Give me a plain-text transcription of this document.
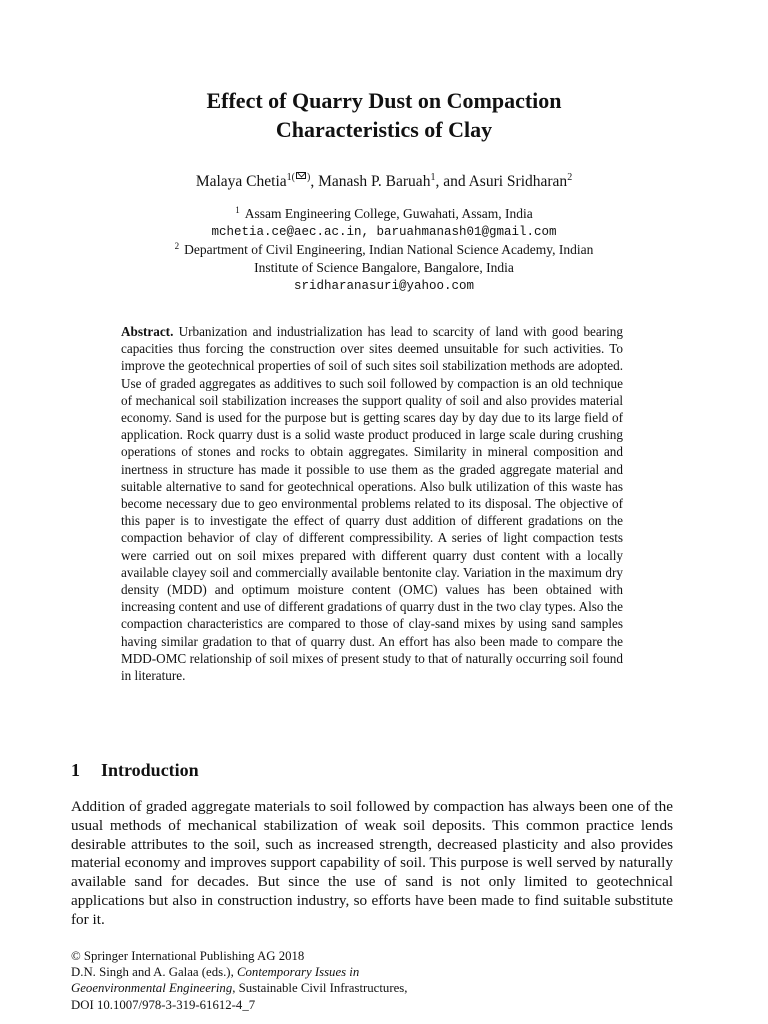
Effect of Quarry Dust on Compaction
Characteristics of Clay
Malaya Chetia$^{1( )}$, Manash P. Baruah$^1$, and Asuri Sridharan$^2$
$^1$ Assam Engineering College, Guwahati, Assam, India
mchetia.ce@aec.ac.in, baruahmanash01@gmail.com
$^2$ Department of Civil Engineering, Indian National Science Academy, Indian
Institute of Science Bangalore, Bangalore, India
sridharanasuri@yahoo.com
Abstract. Urbanization and industrialization has lead to scarcity of land with good bearing capacities thus forcing the construction over sites deemed unsuitable for such activities. To improve the geotechnical properties of soil of such sites soil stabilization methods are adopted. Use of graded aggregates as additives to such soil followed by compaction is an old technique of mechanical soil stabilization increases the support quality of soil and also provides material economy. Sand is used for the purpose but is getting scares day by day due to its large field of application. Rock quarry dust is a solid waste product produced in large scale during crushing operations of stones and rocks to obtain aggregates. Similarity in mineral composition and inertness in structure has made it possible to use them as the graded aggregate material and suitable alternative to sand for geotechnical operations. Also bulk utilization of this waste has become necessary due to geo environmental problems related to its disposal. The objective of this paper is to investigate the effect of quarry dust addition of different gradations on the compaction behavior of clay of different compressibility. A series of light compaction tests were carried out on soil mixes prepared with different quarry dust content with a locally available clayey soil and commercially available bentonite clay. Variation in the maximum dry density (MDD) and optimum moisture content (OMC) values has been obtained with increasing content and use of different gradations of quarry dust in the two clay types. Also the compaction characteristics are compared to those of clay-sand mixes by using sand samples having similar gradation to that of quarry dust. An effort has also been made to compare the MDD-OMC relationship of soil mixes of present study to that of naturally occurring soil found in literature.
1 Introduction
Addition of graded aggregate materials to soil followed by compaction has always been one of the usual methods of mechanical stabilization of weak soil deposits. This common practice lends desirable attributes to the soil, such as increased strength, decreased plasticity and also provides material economy and improves support capability of soil. This purpose is well served by naturally available sand for decades. But since the use of sand is not only limited to geotechnical applications but also in construction industry, so efforts have been made to find suitable substitute for it.
© Springer International Publishing AG 2018
D.N. Singh and A. Galaa (eds.), Contemporary Issues in
Geoenvironmental Engineering, Sustainable Civil Infrastructures,
DOI 10.1007/978-3-319-61612-4_7
